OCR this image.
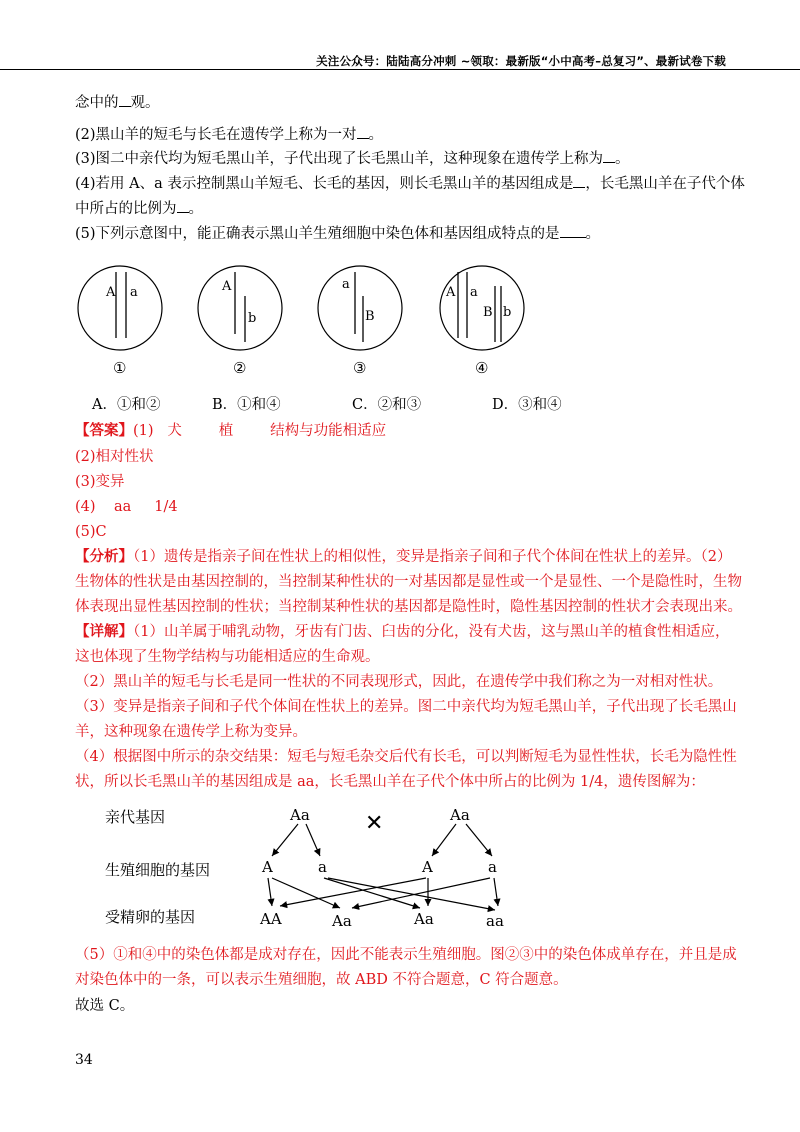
关注公众号：陆陆高分冲刺 ~领取：最新版“小中高考–总复习”、最新试卷下载
念中的 观。
(2)黑山羊的短毛与长毛在遗传学上称为一对 。
(3)图二中亲代均为短毛黑山羊，子代出现了长毛黑山羊，这种现象在遗传学上称为 。
(4)若用 A、a 表示控制黑山羊短毛、长毛的基因，则长毛黑山羊的基因组成是 ，长毛黑山羊在子代个体
中所占的比例为 。
(5)下列示意图中，能正确表示黑山羊生殖细胞中染色体和基因组成特点的是 。
A a
①
A
b
②
a
B
③
A a
B b
④
A．①和②	B．①和④	C．②和③	D．③和④
【答案】(1)   犬        植        结构与功能相适应
(2)相对性状
(3)变异
(4)    aa     1/4
(5)C
【分析】（1）遗传是指亲子间在性状上的相似性，变异是指亲子间和子代个体间在性状上的差异。（2）
生物体的性状是由基因控制的，当控制某种性状的一对基因都是显性或一个是显性、一个是隐性时，生物
体表现出显性基因控制的性状；当控制某种性状的基因都是隐性时，隐性基因控制的性状才会表现出来。
【详解】（1）山羊属于哺乳动物，牙齿有门齿、臼齿的分化，没有犬齿，这与黑山羊的植食性相适应，
这也体现了生物学结构与功能相适应的生命观。
（2）黑山羊的短毛与长毛是同一性状的不同表现形式，因此，在遗传学中我们称之为一对相对性状。
（3）变异是指亲子间和子代个体间在性状上的差异。图二中亲代均为短毛黑山羊，子代出现了长毛黑山
羊，这种现象在遗传学上称为变异。
（4）根据图中所示的杂交结果：短毛与短毛杂交后代有长毛，可以判断短毛为显性性状，长毛为隐性性
状，所以长毛黑山羊的基因组成是 aa，长毛黑山羊在子代个体中所占的比例为 1/4，遗传图解为：
亲代基因
生殖细胞的基因
受精卵的基因
Aa	✕	Aa
A	a	A	a
AA	Aa	Aa	aa
（5）①和④中的染色体都是成对存在，因此不能表示生殖细胞。图②③中的染色体成单存在，并且是成
对染色体中的一条，可以表示生殖细胞，故 ABD 不符合题意，C 符合题意。
故选 C。
34
